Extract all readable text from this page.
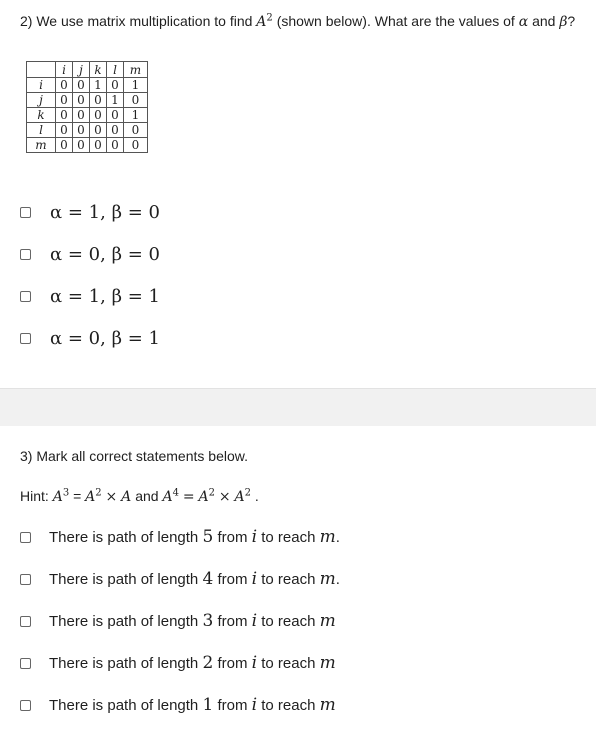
2) We use matrix multiplication to find $A^2$ (shown below). What are the values of α and β?
	i	j	k	l	m
i	0	0	1	0	1
j	0	0	0	1	0
k	0	0	0	0	1
l	0	0	0	0	0
m	0	0	0	0	0
α = 1, β = 0
α = 0, β = 0
α = 1, β = 1
α = 0, β = 1
3) Mark all correct statements below.
Hint: $A^3 = A^2 \times A$ and $A^4 = A^2 \times A^2$ .
There is path of length 5 from i to reach m.
There is path of length 4 from i to reach m.
There is path of length 3 from i to reach m
There is path of length 2 from i to reach m
There is path of length 1 from i to reach m
